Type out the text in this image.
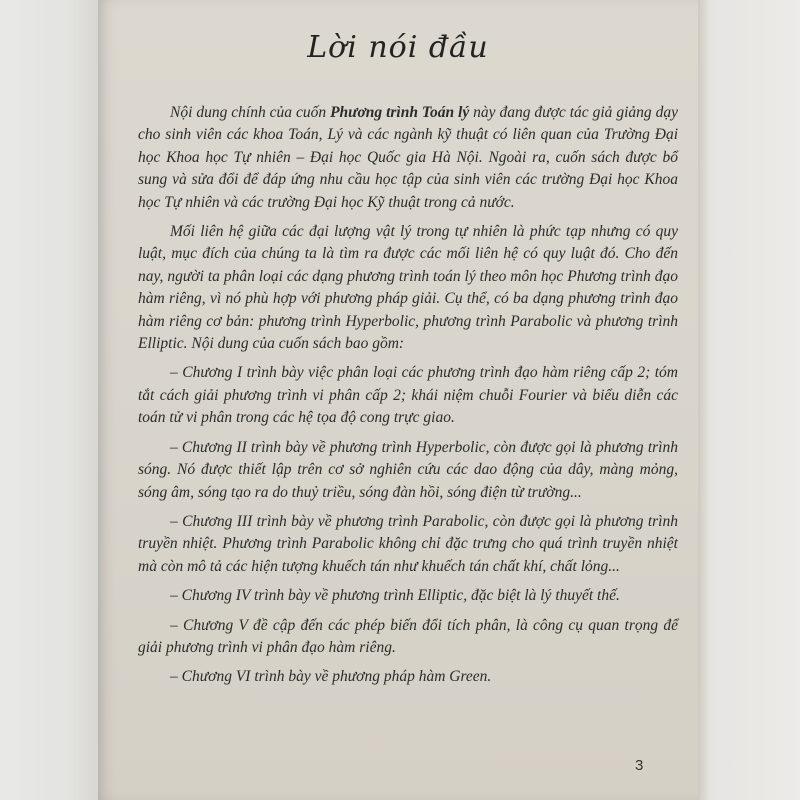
Lời nói đầu

Nội dung chính của cuốn Phương trình Toán lý này đang được tác giả giảng dạy cho sinh viên các khoa Toán, Lý và các ngành kỹ thuật có liên quan của Trường Đại học Khoa học Tự nhiên – Đại học Quốc gia Hà Nội. Ngoài ra, cuốn sách được bổ sung và sửa đổi để đáp ứng nhu cầu học tập của sinh viên các trường Đại học Khoa học Tự nhiên và các trường Đại học Kỹ thuật trong cả nước.

Mối liên hệ giữa các đại lượng vật lý trong tự nhiên là phức tạp nhưng có quy luật, mục đích của chúng ta là tìm ra được các mối liên hệ có quy luật đó. Cho đến nay, người ta phân loại các dạng phương trình toán lý theo môn học Phương trình đạo hàm riêng, vì nó phù hợp với phương pháp giải. Cụ thể, có ba dạng phương trình đạo hàm riêng cơ bản: phương trình Hyperbolic, phương trình Parabolic và phương trình Elliptic. Nội dung của cuốn sách bao gồm:

– Chương I trình bày việc phân loại các phương trình đạo hàm riêng cấp 2; tóm tắt cách giải phương trình vi phân cấp 2; khái niệm chuỗi Fourier và biểu diễn các toán tử vi phân trong các hệ tọa độ cong trực giao.

– Chương II trình bày về phương trình Hyperbolic, còn được gọi là phương trình sóng. Nó được thiết lập trên cơ sở nghiên cứu các dao động của dây, màng mỏng, sóng âm, sóng tạo ra do thuỷ triều, sóng đàn hồi, sóng điện từ trường...

– Chương III trình bày về phương trình Parabolic, còn được gọi là phương trình truyền nhiệt. Phương trình Parabolic không chỉ đặc trưng cho quá trình truyền nhiệt mà còn mô tả các hiện tượng khuếch tán như khuếch tán chất khí, chất lỏng...

– Chương IV trình bày về phương trình Elliptic, đặc biệt là lý thuyết thế.

– Chương V đề cập đến các phép biến đổi tích phân, là công cụ quan trọng để giải phương trình vi phân đạo hàm riêng.

– Chương VI trình bày về phương pháp hàm Green.

3
